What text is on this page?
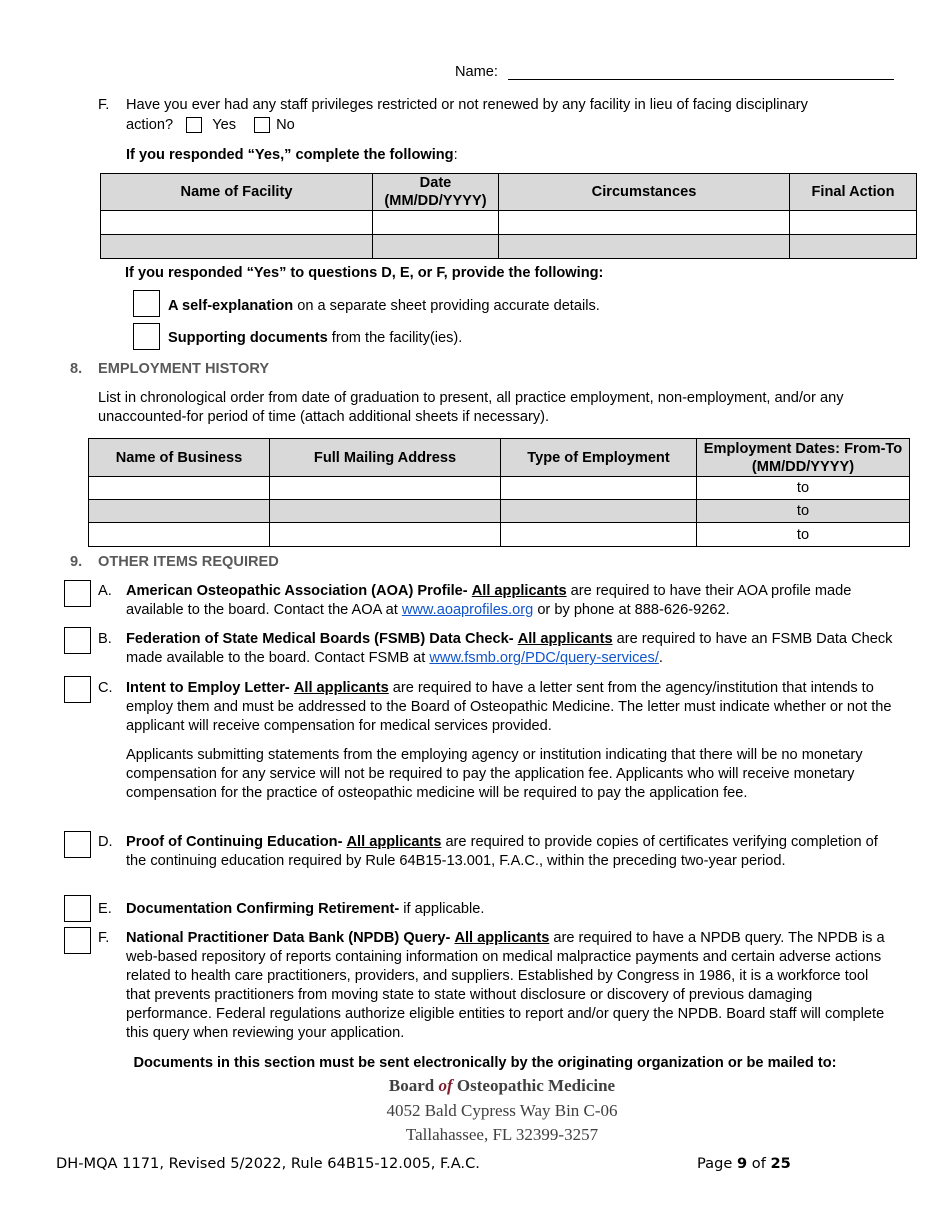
Name:
F. Have you ever had any staff privileges restricted or not renewed by any facility in lieu of facing disciplinary
action?	Yes	No
If you responded “Yes,” complete the following:
Name of Facility	Date (MM/DD/YYYY)	Circumstances	Final Action

If you responded “Yes” to questions D, E, or F, provide the following:
A self-explanation on a separate sheet providing accurate details.
Supporting documents from the facility(ies).
8. EMPLOYMENT HISTORY
List in chronological order from date of graduation to present, all practice employment, non-employment, and/or any unaccounted-for period of time (attach additional sheets if necessary).
Name of Business	Full Mailing Address	Type of Employment	Employment Dates: From-To (MM/DD/YYYY)
			to
			to
			to
9. OTHER ITEMS REQUIRED
A. American Osteopathic Association (AOA) Profile- All applicants are required to have their AOA profile made available to the board. Contact the AOA at www.aoaprofiles.org or by phone at 888-626-9262.
B. Federation of State Medical Boards (FSMB) Data Check- All applicants are required to have an FSMB Data Check made available to the board. Contact FSMB at www.fsmb.org/PDC/query-services/.
C. Intent to Employ Letter- All applicants are required to have a letter sent from the agency/institution that intends to employ them and must be addressed to the Board of Osteopathic Medicine. The letter must indicate whether or not the applicant will receive compensation for medical services provided.
Applicants submitting statements from the employing agency or institution indicating that there will be no monetary compensation for any service will not be required to pay the application fee. Applicants who will receive monetary compensation for the practice of osteopathic medicine will be required to pay the application fee.
D. Proof of Continuing Education- All applicants are required to provide copies of certificates verifying completion of the continuing education required by Rule 64B15-13.001, F.A.C., within the preceding two-year period.
E. Documentation Confirming Retirement- if applicable.
F. National Practitioner Data Bank (NPDB) Query- All applicants are required to have a NPDB query. The NPDB is a web-based repository of reports containing information on medical malpractice payments and certain adverse actions related to health care practitioners, providers, and suppliers. Established by Congress in 1986, it is a workforce tool that prevents practitioners from moving state to state without disclosure or discovery of previous damaging performance. Federal regulations authorize eligible entities to report and/or query the NPDB. Board staff will complete this query when reviewing your application.
Documents in this section must be sent electronically by the originating organization or be mailed to:
Board of Osteopathic Medicine
4052 Bald Cypress Way Bin C-06
Tallahassee, FL 32399-3257
DH-MQA 1171, Revised 5/2022, Rule 64B15-12.005, F.A.C.	Page 9 of 25
